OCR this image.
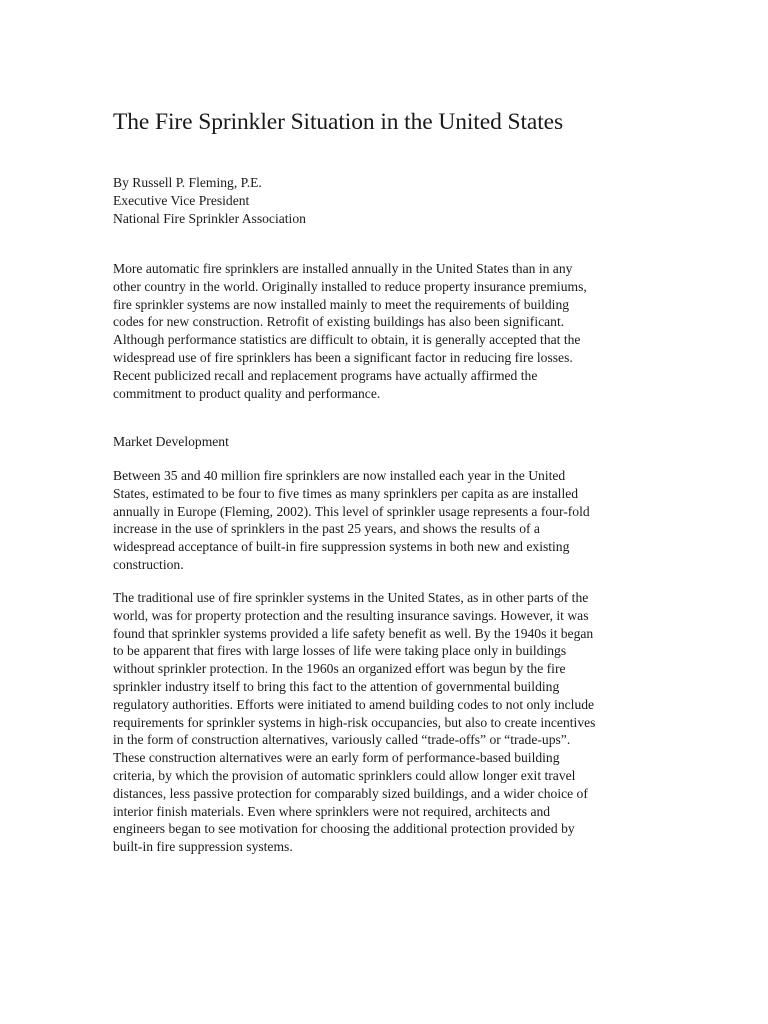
The Fire Sprinkler Situation in the United States
By Russell P. Fleming, P.E.
Executive Vice President
National Fire Sprinkler Association

More automatic fire sprinklers are installed annually in the United States than in any
other country in the world. Originally installed to reduce property insurance premiums,
fire sprinkler systems are now installed mainly to meet the requirements of building
codes for new construction. Retrofit of existing buildings has also been significant.
Although performance statistics are difficult to obtain, it is generally accepted that the
widespread use of fire sprinklers has been a significant factor in reducing fire losses.
Recent publicized recall and replacement programs have actually affirmed the
commitment to product quality and performance.

Market Development

Between 35 and 40 million fire sprinklers are now installed each year in the United
States, estimated to be four to five times as many sprinklers per capita as are installed
annually in Europe (Fleming, 2002). This level of sprinkler usage represents a four-fold
increase in the use of sprinklers in the past 25 years, and shows the results of a
widespread acceptance of built-in fire suppression systems in both new and existing
construction.

The traditional use of fire sprinkler systems in the United States, as in other parts of the
world, was for property protection and the resulting insurance savings. However, it was
found that sprinkler systems provided a life safety benefit as well. By the 1940s it began
to be apparent that fires with large losses of life were taking place only in buildings
without sprinkler protection. In the 1960s an organized effort was begun by the fire
sprinkler industry itself to bring this fact to the attention of governmental building
regulatory authorities. Efforts were initiated to amend building codes to not only include
requirements for sprinkler systems in high-risk occupancies, but also to create incentives
in the form of construction alternatives, variously called “trade-offs” or “trade-ups”.
These construction alternatives were an early form of performance-based building
criteria, by which the provision of automatic sprinklers could allow longer exit travel
distances, less passive protection for comparably sized buildings, and a wider choice of
interior finish materials. Even where sprinklers were not required, architects and
engineers began to see motivation for choosing the additional protection provided by
built-in fire suppression systems.
